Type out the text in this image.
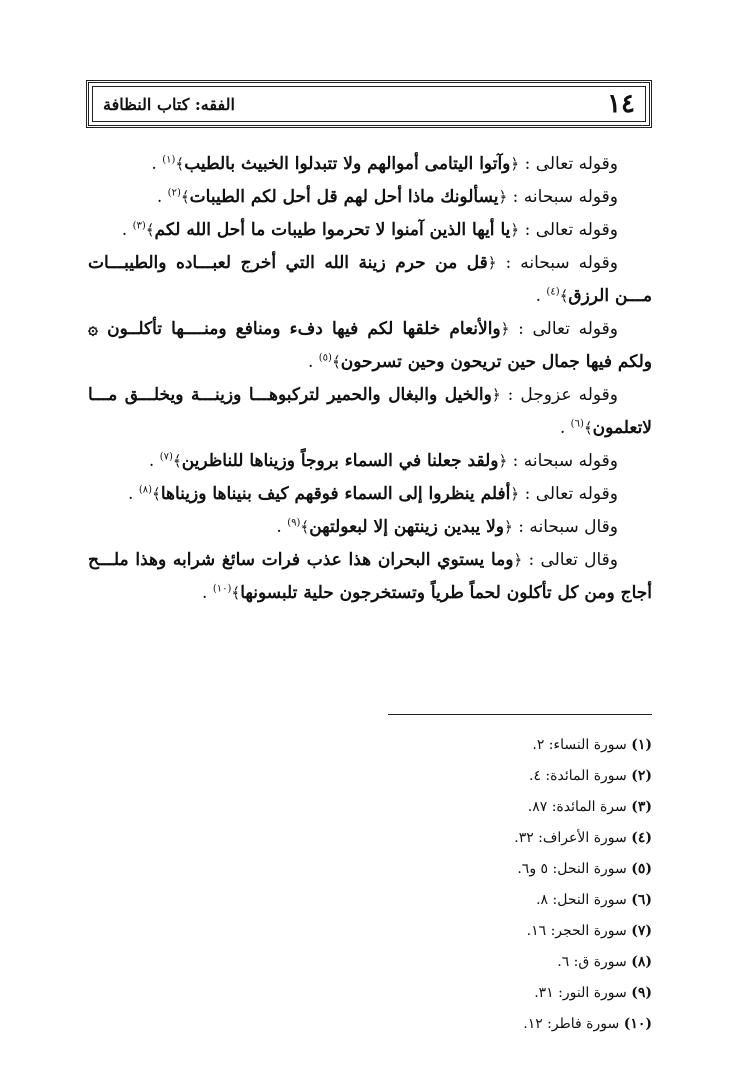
١٤
الفقه: كتاب النظافة

وقوله تعالى : ﴿وآتوا اليتامى أموالهم ولا تتبدلوا الخبيث بالطيب﴾$^{(١)}$ .

وقوله سبحانه : ﴿يسألونك ماذا أحل لهم قل أحل لكم الطيبات﴾$^{(٢)}$ .

وقوله تعالى : ﴿يا أيها الذين آمنوا لا تحرموا طيبات ما أحل الله لكم﴾$^{(٣)}$ .

وقوله سبحانه : ﴿قل من حرم زينة الله التي أخرج لعبـــاده والطيبـــات مـــن الرزق﴾$^{(٤)}$ .

وقوله تعالى : ﴿والأنعام خلقها لكم فيها دفء ومنافع ومنــــها تأكلــون ۞ ولكم فيها جمال حين تريحون وحين تسرحون﴾$^{(٥)}$ .

وقوله عزوجل : ﴿والخيل والبغال والحمير لتركبوهـــا وزينـــة ويخلـــق مـــا لاتعلمون﴾$^{(٦)}$ .

وقوله سبحانه : ﴿ولقد جعلنا في السماء بروجاً وزيناها للناظرين﴾$^{(٧)}$ .

وقوله تعالى : ﴿أفلم ينظروا إلى السماء فوقهم كيف بنيناها وزيناها﴾$^{(٨)}$ .

وقال سبحانه : ﴿ولا يبدين زينتهن إلا لبعولتهن﴾$^{(٩)}$ .

وقال تعالى : ﴿وما يستوي البحران هذا عذب فرات سائغ شرابه وهذا ملـــح أجاج ومن كل تأكلون لحماً طرياً وتستخرجون حلية تلبسونها﴾$^{(١٠)}$ .

(١) سورة النساء: ٢.
(٢) سورة المائدة: ٤.
(٣) سرة المائدة: ٨٧.
(٤) سورة الأعراف: ٣٢.
(٥) سورة النحل: ٥ و٦.
(٦) سورة النحل: ٨.
(٧) سورة الحجر: ١٦.
(٨) سورة ق: ٦.
(٩) سورة النور: ٣١.
(١٠) سورة فاطر: ١٢.
